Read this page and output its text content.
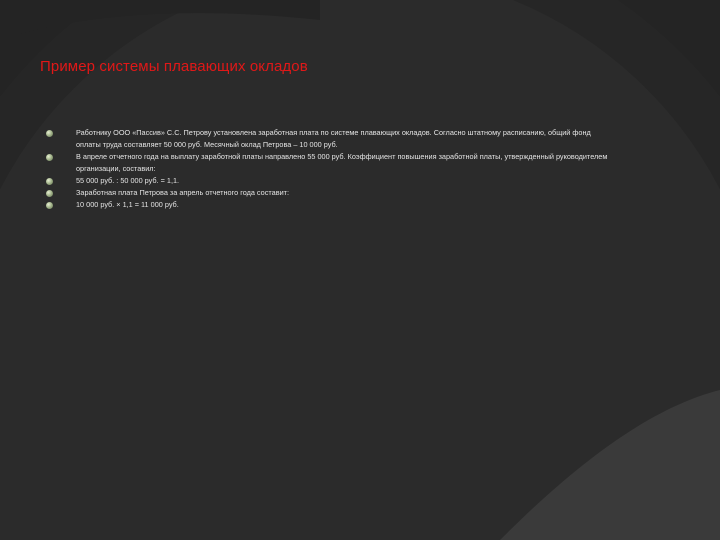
Пример системы плавающих окладов
Работнику ООО «Пассив» С.С. Петрову установлена заработная плата по системе плавающих окладов. Согласно штатному расписанию, общий фонд оплаты труда составляет 50 000 руб. Месячный оклад Петрова – 10 000 руб.
В апреле отчетного года на выплату заработной платы направлено 55 000 руб. Коэффициент повышения заработной платы, утвержденный руководителем организации, составил:
55 000 руб. : 50 000 руб. = 1,1.
Заработная плата Петрова за апрель отчетного года составит:
10 000 руб. × 1,1 = 11 000 руб.
